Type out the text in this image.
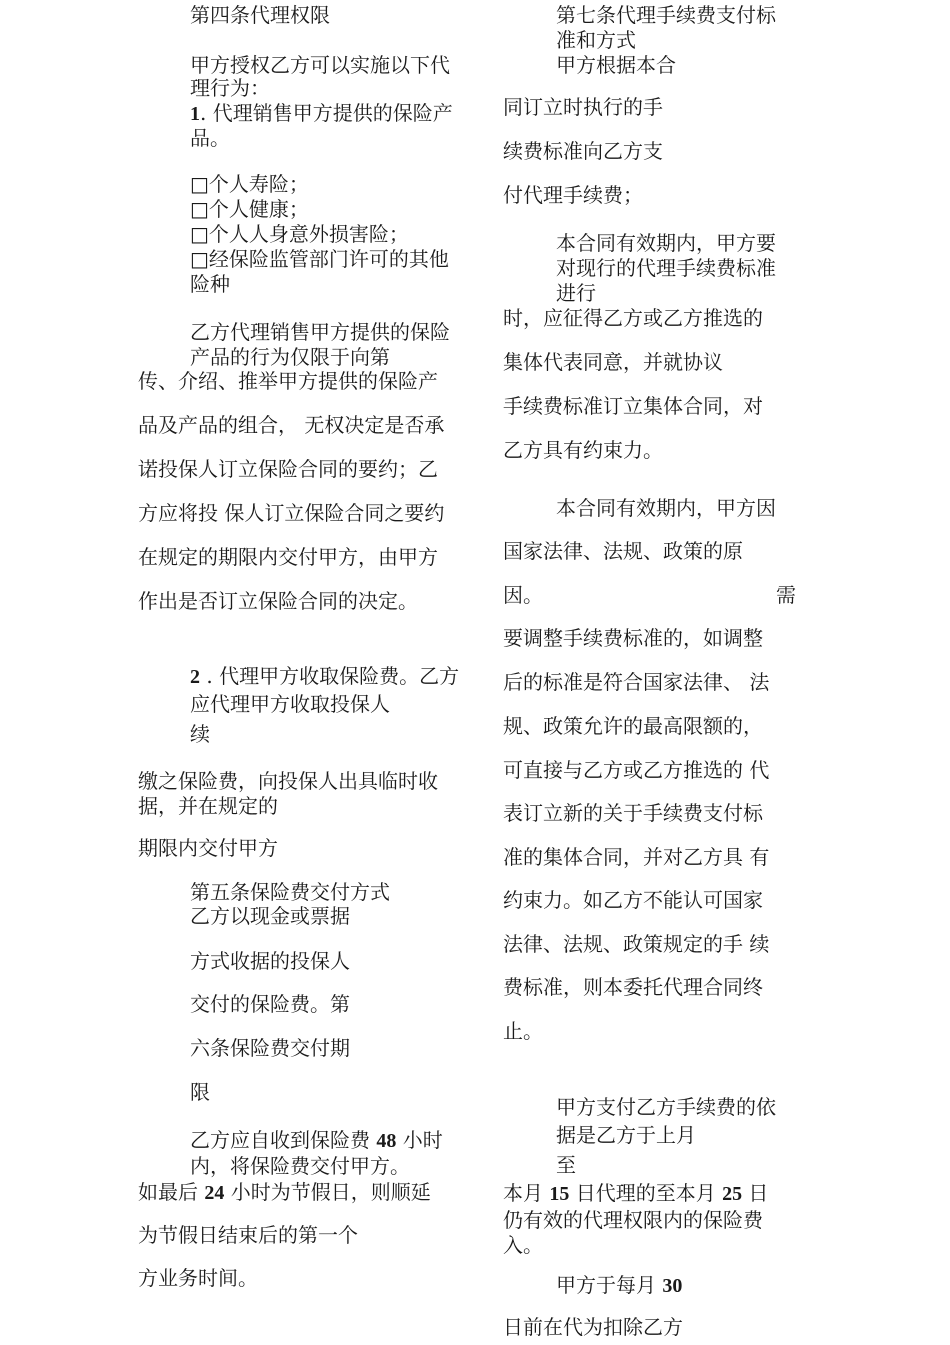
第四条代理权限
甲方授权乙方可以实施以下代
理行为：
1. 代理销售甲方提供的保险产
品。
□个人寿险；
□个人健康；
□个人人身意外损害险；
□经保险监管部门许可的其他
险种
乙方代理销售甲方提供的保险
产品的行为仅限于向第
传、介绍、推举甲方提供的保险产
品及产品的组合， 无权决定是否承
诺投保人订立保险合同的要约；乙
方应将投 保人订立保险合同之要约
在规定的期限内交付甲方，由甲方
作出是否订立保险合同的决定。
2 . 代理甲方收取保险费。乙方
应代理甲方收取投保人
续
缴之保险费，向投保人出具临时收
据，并在规定的
期限内交付甲方
第五条保险费交付方式
乙方以现金或票据
方式收据的投保人
交付的保险费。第
六条保险费交付期
限
乙方应自收到保险费 48 小时
内，将保险费交付甲方。
如最后 24 小时为节假日，则顺延
为节假日结束后的第一个
方业务时间。
第七条代理手续费支付标
准和方式
甲方根据本合
同订立时执行的手
续费标准向乙方支
付代理手续费；
本合同有效期内，甲方要
对现行的代理手续费标准
进行
时，应征得乙方或乙方推选的
集体代表同意，并就协议
手续费标准订立集体合同，对
乙方具有约束力。
本合同有效期内，甲方因
国家法律、法规、政策的原
因。	需
要调整手续费标准的，如调整
后的标准是符合国家法律、 法
规、政策允许的最高限额的，
可直接与乙方或乙方推选的 代
表订立新的关于手续费支付标
准的集体合同，并对乙方具 有
约束力。如乙方不能认可国家
法律、法规、政策规定的手 续
费标准，则本委托代理合同终
止。
甲方支付乙方手续费的依
据是乙方于上月
至
本月 15 日代理的至本月 25 日
仍有效的代理权限内的保险费
入。
甲方于每月 30
日前在代为扣除乙方
